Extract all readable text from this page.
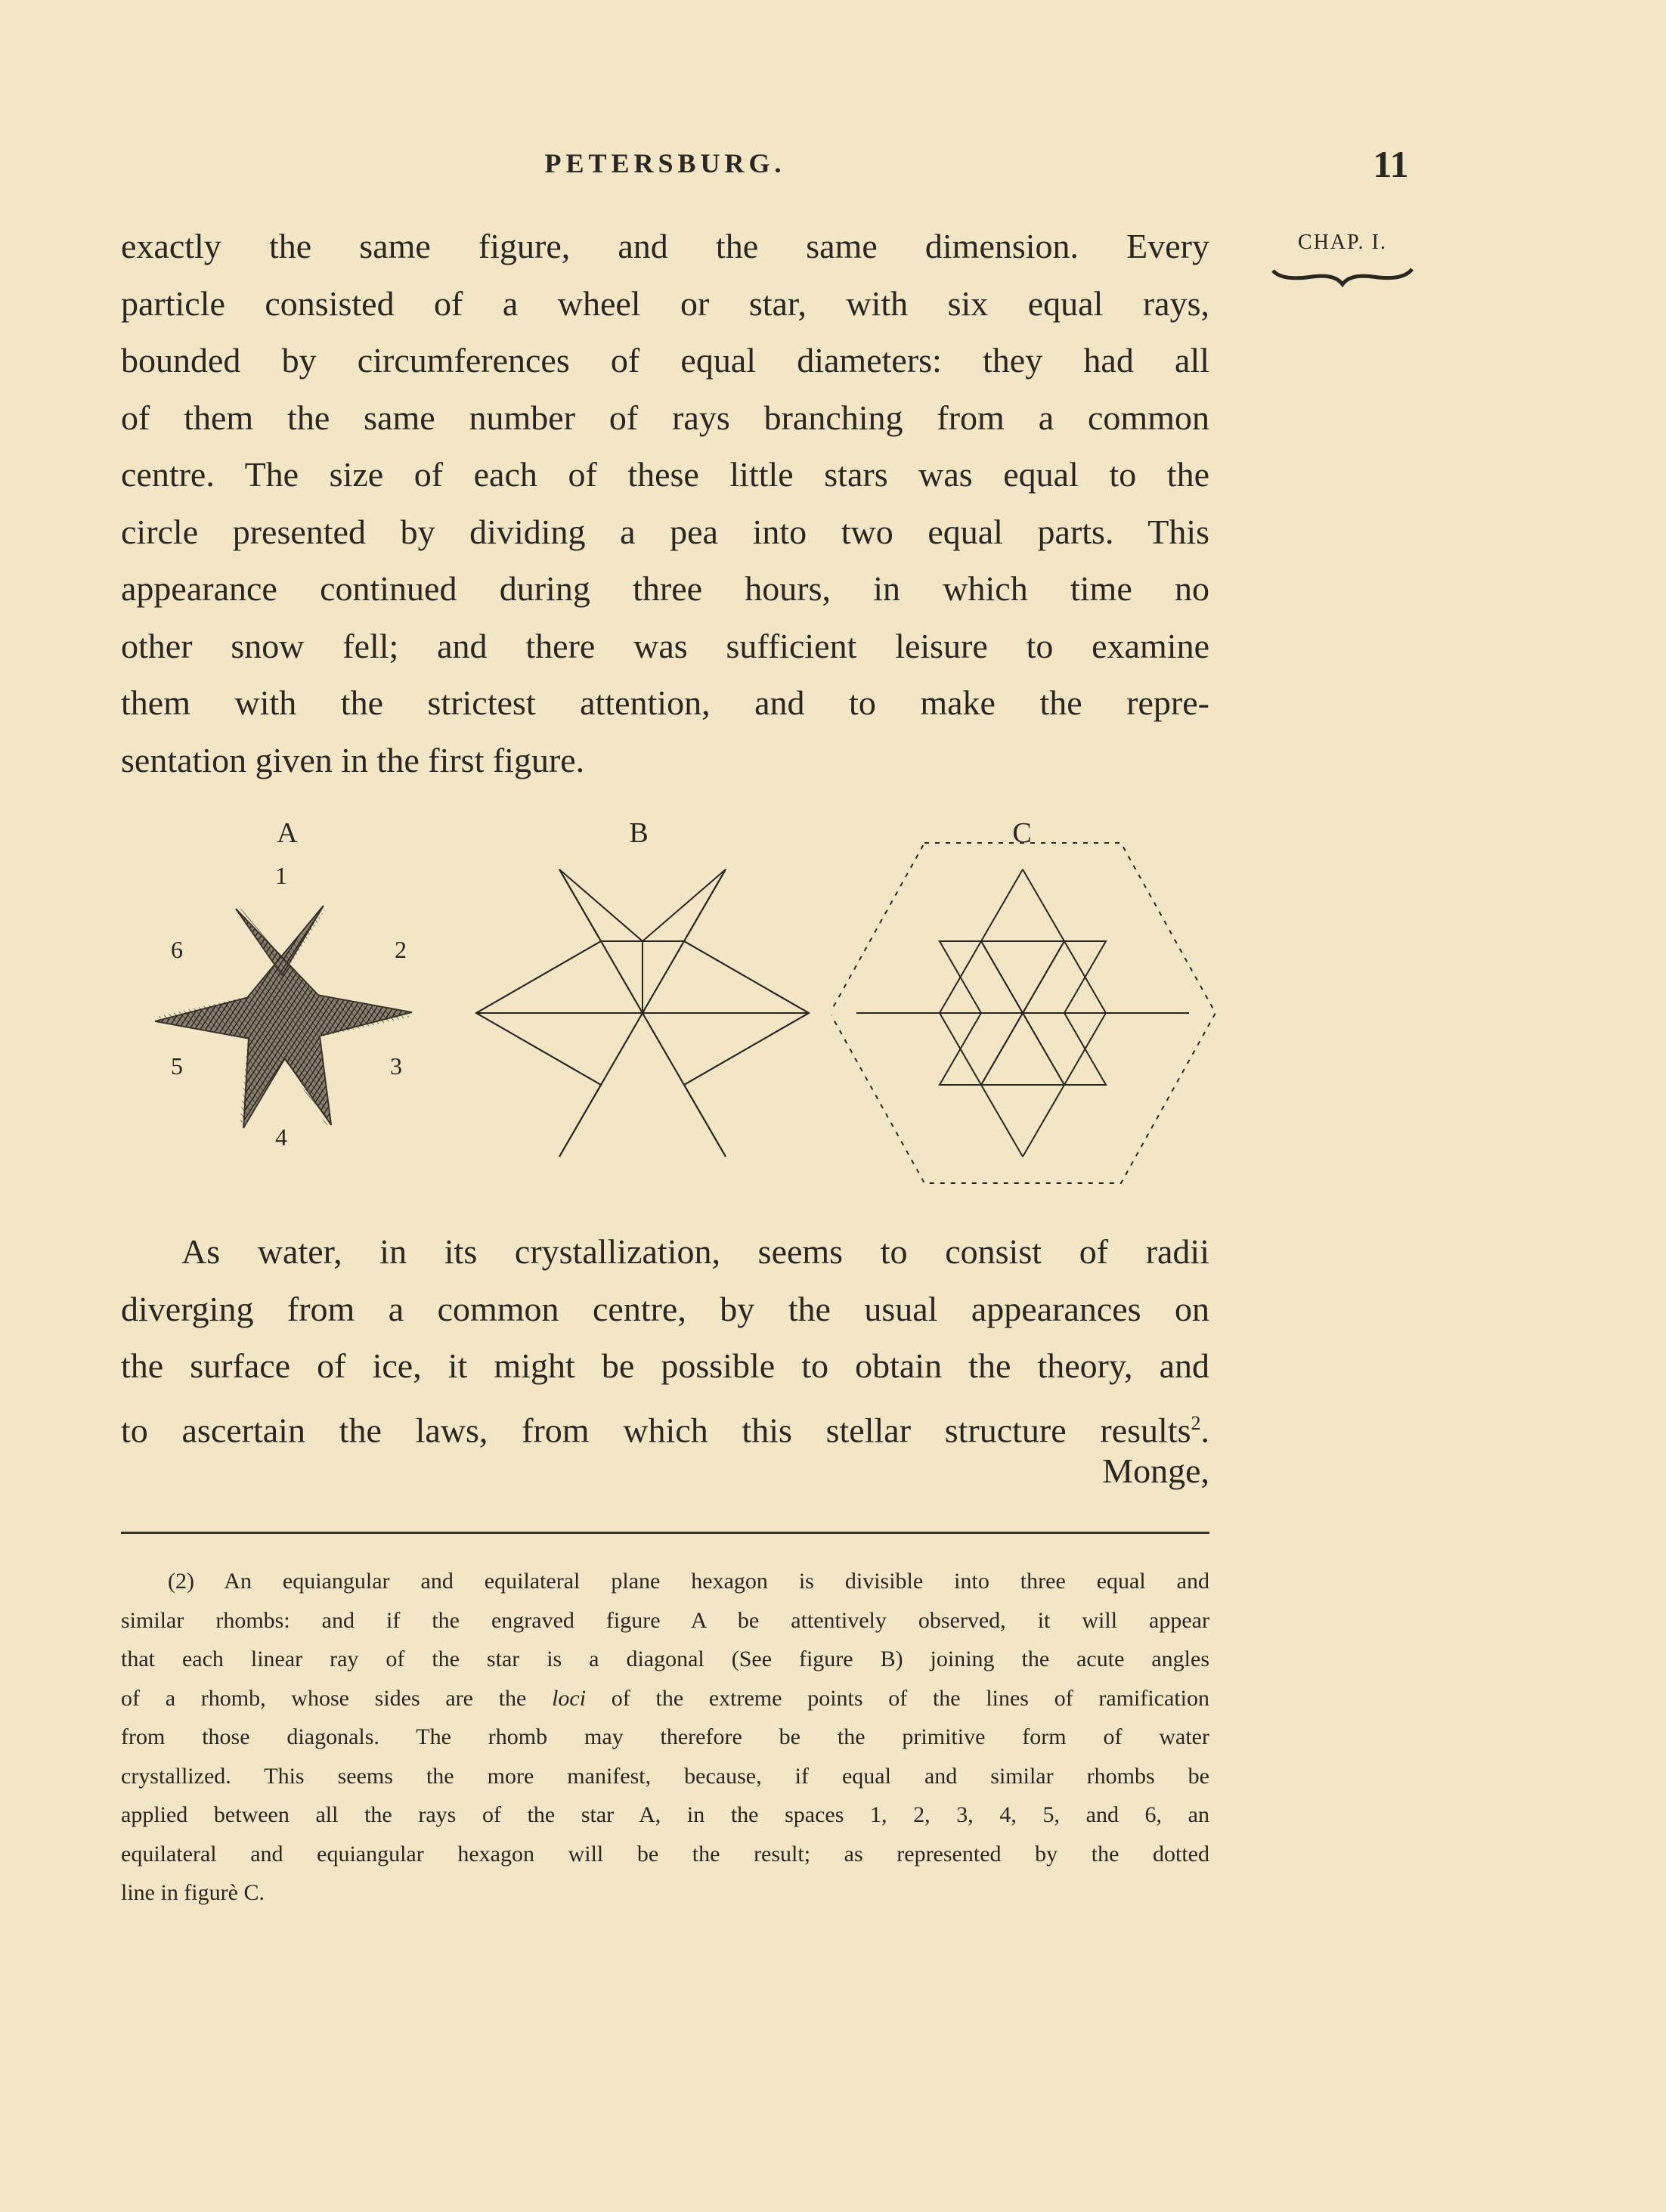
PETERSBURG.	11
CHAP. I.
exactly the same figure, and the same dimension. Every
particle consisted of a wheel or star, with six equal rays,
bounded by circumferences of equal diameters: they had all
of them the same number of rays branching from a common
centre. The size of each of these little stars was equal to the
circle presented by dividing a pea into two equal parts. This
appearance continued during three hours, in which time no
other snow fell; and there was sufficient leisure to examine
them with the strictest attention, and to make the repre-
sentation given in the first figure.
A
1
2
3
4
5
6
B	C
As water, in its crystallization, seems to consist of radii
diverging from a common centre, by the usual appearances on
the surface of ice, it might be possible to obtain the theory, and
to ascertain the laws, from which this stellar structure results$^2$.
Monge,
(2) An equiangular and equilateral plane hexagon is divisible into three equal and
similar rhombs: and if the engraved figure A be attentively observed, it will appear
that each linear ray of the star is a diagonal (See figure B) joining the acute angles
of a rhomb, whose sides are the loci of the extreme points of the lines of ramification
from those diagonals. The rhomb may therefore be the primitive form of water
crystallized. This seems the more manifest, because, if equal and similar rhombs be
applied between all the rays of the star A, in the spaces 1, 2, 3, 4, 5, and 6, an
equilateral and equiangular hexagon will be the result; as represented by the dotted
line in figurè C.
